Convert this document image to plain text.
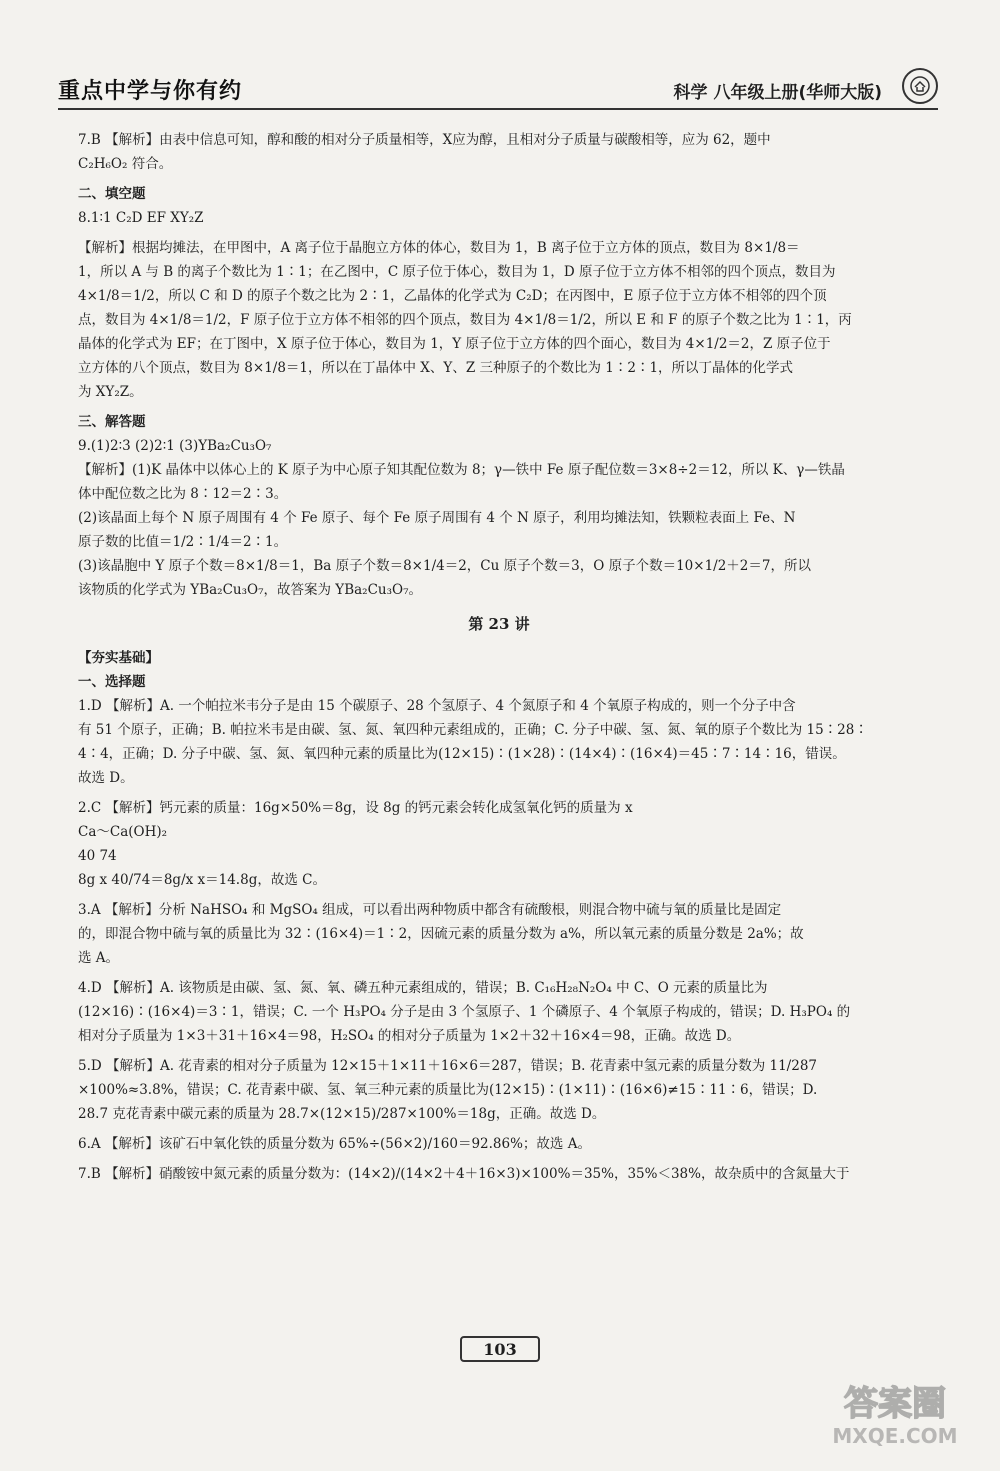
重点中学与你有约	科学 八年级上册(华师大版)

7.B 【解析】由表中信息可知，醇和酸的相对分子质量相等，X应为醇，且相对分子质量与碳酸相等，应为 62，题中

C₂H₆O₂ 符合。

二、填空题

8.1∶1 C₂D EF XY₂Z

【解析】根据均摊法，在甲图中，A 离子位于晶胞立方体的体心，数目为 1，B 离子位于立方体的顶点，数目为 8×1/8＝

1，所以 A 与 B 的离子个数比为 1∶1；在乙图中，C 原子位于体心，数目为 1，D 原子位于立方体不相邻的四个顶点，数目为

4×1/8＝1/2，所以 C 和 D 的原子个数之比为 2∶1，乙晶体的化学式为 C₂D；在丙图中，E 原子位于立方体不相邻的四个顶

点，数目为 4×1/8＝1/2，F 原子位于立方体不相邻的四个顶点，数目为 4×1/8＝1/2，所以 E 和 F 的原子个数之比为 1∶1，丙

晶体的化学式为 EF；在丁图中，X 原子位于体心，数目为 1，Y 原子位于立方体的四个面心，数目为 4×1/2＝2，Z 原子位于

立方体的八个顶点，数目为 8×1/8＝1，所以在丁晶体中 X、Y、Z 三种原子的个数比为 1∶2∶1，所以丁晶体的化学式

为 XY₂Z。

三、解答题

9.(1)2∶3 (2)2∶1 (3)YBa₂Cu₃O₇

【解析】(1)K 晶体中以体心上的 K 原子为中心原子知其配位数为 8；γ—铁中 Fe 原子配位数＝3×8÷2＝12，所以 K、γ—铁晶

体中配位数之比为 8∶12＝2∶3。

(2)该晶面上每个 N 原子周围有 4 个 Fe 原子、每个 Fe 原子周围有 4 个 N 原子，利用均摊法知，铁颗粒表面上 Fe、N

原子数的比值＝1/2∶1/4＝2∶1。

(3)该晶胞中 Y 原子个数＝8×1/8＝1，Ba 原子个数＝8×1/4＝2，Cu 原子个数＝3，O 原子个数＝10×1/2＋2＝7，所以

该物质的化学式为 YBa₂Cu₃O₇，故答案为 YBa₂Cu₃O₇。

第 23 讲

【夯实基础】

一、选择题

1.D 【解析】A. 一个帕拉米韦分子是由 15 个碳原子、28 个氢原子、4 个氮原子和 4 个氧原子构成的，则一个分子中含

有 51 个原子，正确；B. 帕拉米韦是由碳、氢、氮、氧四种元素组成的，正确；C. 分子中碳、氢、氮、氧的原子个数比为 15∶28∶

4∶4，正确；D. 分子中碳、氢、氮、氧四种元素的质量比为(12×15)∶(1×28)∶(14×4)∶(16×4)＝45∶7∶14∶16，错误。

故选 D。

2.C 【解析】钙元素的质量：16g×50%＝8g，设 8g 的钙元素会转化成氢氧化钙的质量为 x

Ca～Ca(OH)₂

40 74

8g x 40/74＝8g/x x＝14.8g，故选 C。

3.A 【解析】分析 NaHSO₄ 和 MgSO₄ 组成，可以看出两种物质中都含有硫酸根，则混合物中硫与氧的质量比是固定

的，即混合物中硫与氧的质量比为 32∶(16×4)＝1∶2，因硫元素的质量分数为 a%，所以氧元素的质量分数是 2a%；故

选 A。

4.D 【解析】A. 该物质是由碳、氢、氮、氧、磷五种元素组成的，错误；B. C₁₆H₂₈N₂O₄ 中 C、O 元素的质量比为

(12×16)∶(16×4)＝3∶1，错误；C. 一个 H₃PO₄ 分子是由 3 个氢原子、1 个磷原子、4 个氧原子构成的，错误；D. H₃PO₄ 的

相对分子质量为 1×3＋31＋16×4＝98，H₂SO₄ 的相对分子质量为 1×2＋32＋16×4＝98，正确。故选 D。

5.D 【解析】A. 花青素的相对分子质量为 12×15＋1×11＋16×6＝287，错误；B. 花青素中氢元素的质量分数为 11/287

×100%≈3.8%，错误；C. 花青素中碳、氢、氧三种元素的质量比为(12×15)∶(1×11)∶(16×6)≠15∶11∶6，错误；D.

28.7 克花青素中碳元素的质量为 28.7×(12×15)/287×100%＝18g，正确。故选 D。

6.A 【解析】该矿石中氧化铁的质量分数为 65%÷(56×2)/160＝92.86%；故选 A。

7.B 【解析】硝酸铵中氮元素的质量分数为：(14×2)/(14×2＋4＋16×3)×100%＝35%，35%＜38%，故杂质中的含氮量大于

103
答案圈
MXQE.COM
